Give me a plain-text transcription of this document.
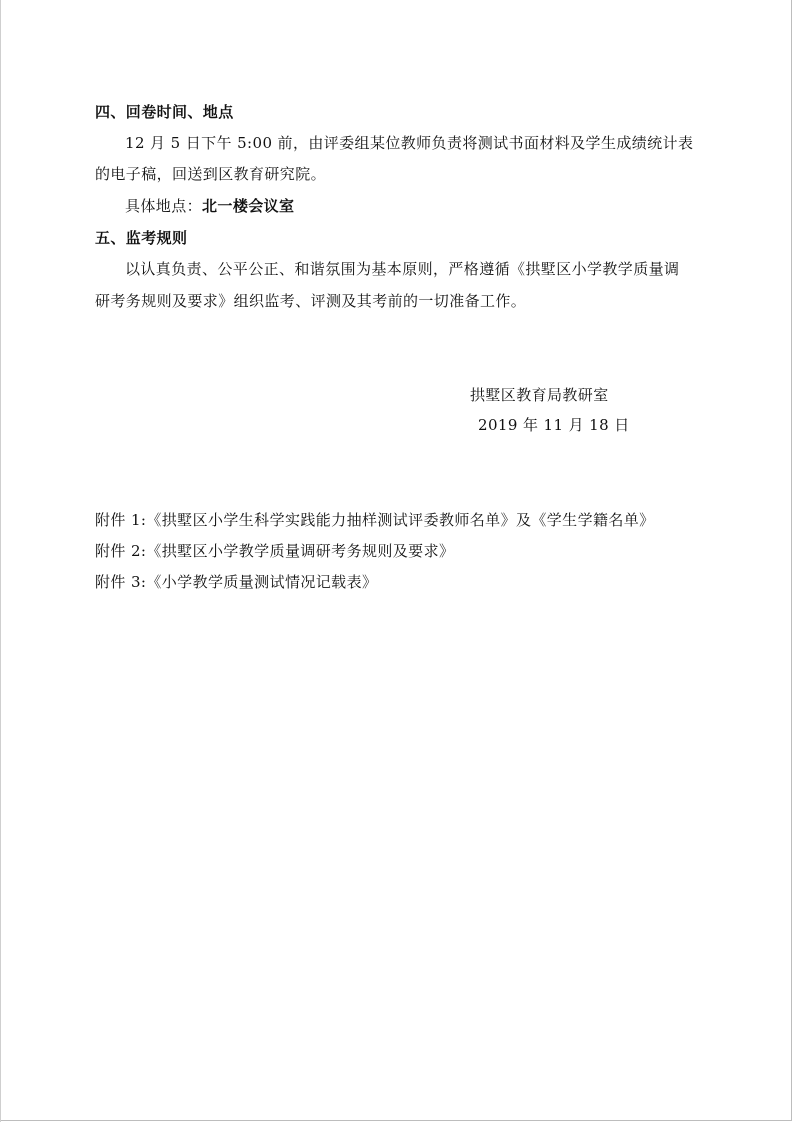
四、回卷时间、地点
12 月 5 日下午 5:00 前，由评委组某位教师负责将测试书面材料及学生成绩统计表
的电子稿，回送到区教育研究院。
具体地点：北一楼会议室
五、监考规则
以认真负责、公平公正、和谐氛围为基本原则，严格遵循《拱墅区小学教学质量调
研考务规则及要求》组织监考、评测及其考前的一切准备工作。
拱墅区教育局教研室
2019 年 11 月 18 日
附件 1:《拱墅区小学生科学实践能力抽样测试评委教师名单》及《学生学籍名单》
附件 2:《拱墅区小学教学质量调研考务规则及要求》
附件 3:《小学教学质量测试情况记载表》
